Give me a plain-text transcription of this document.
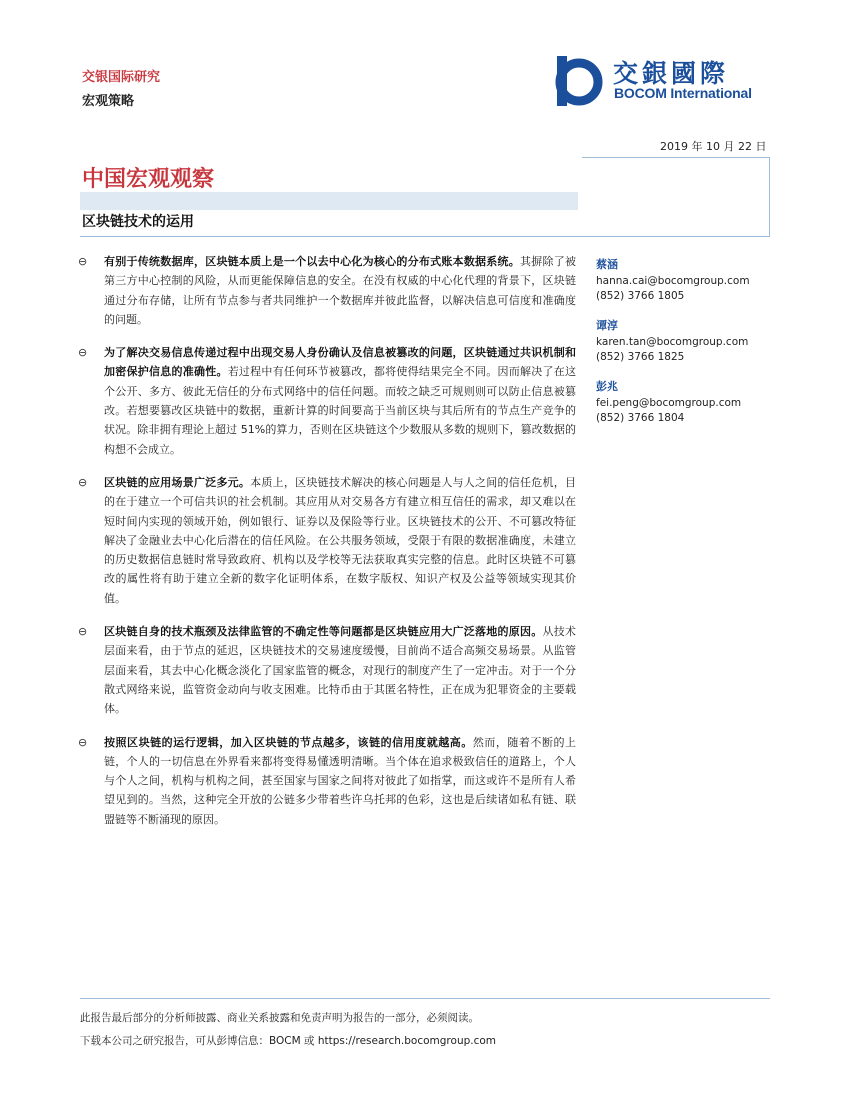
交银国际研究
宏观策略
交銀國際
BOCOM International
2019 年 10 月 22 日
中国宏观观察
区块链技术的运用
⊖ 有别于传统数据库，区块链本质上是一个以去中心化为核心的分布式账本数据系统。其摒除了被第三方中心控制的风险，从而更能保障信息的安全。在没有权威的中心化代理的背景下，区块链通过分布存储，让所有节点参与者共同维护一个数据库并彼此监督，以解决信息可信度和准确度的问题。
⊖ 为了解决交易信息传递过程中出现交易人身份确认及信息被篡改的问题，区块链通过共识机制和加密保护信息的准确性。若过程中有任何环节被篡改，都将使得结果完全不同。因而解决了在这个公开、多方、彼此无信任的分布式网络中的信任问题。而较之缺乏可规则则可以防止信息被篡改。若想要篡改区块链中的数据，重新计算的时间要高于当前区块与其后所有的节点生产竞争的状况。除非拥有理论上超过 51%的算力，否则在区块链这个少数服从多数的规则下，篡改数据的构想不会成立。
⊖ 区块链的应用场景广泛多元。本质上，区块链技术解决的核心问题是人与人之间的信任危机，目的在于建立一个可信共识的社会机制。其应用从对交易各方有建立相互信任的需求，却又难以在短时间内实现的领域开始，例如银行、证券以及保险等行业。区块链技术的公开、不可篡改特征解决了金融业去中心化后潜在的信任风险。在公共服务领域，受限于有限的数据准确度，未建立的历史数据信息链时常导致政府、机构以及学校等无法获取真实完整的信息。此时区块链不可篡改的属性将有助于建立全新的数字化证明体系，在数字版权、知识产权及公益等领域实现其价值。
⊖ 区块链自身的技术瓶颈及法律监管的不确定性等问题都是区块链应用大广泛落地的原因。从技术层面来看，由于节点的延迟，区块链技术的交易速度缓慢，目前尚不适合高频交易场景。从监管层面来看，其去中心化概念淡化了国家监管的概念，对现行的制度产生了一定冲击。对于一个分散式网络来说，监管资金动向与收支困难。比特币由于其匿名特性，正在成为犯罪资金的主要载体。
⊖ 按照区块链的运行逻辑，加入区块链的节点越多，该链的信用度就越高。然而，随着不断的上链，个人的一切信息在外界看来都将变得易懂透明清晰。当个体在追求极致信任的道路上，个人与个人之间，机构与机构之间，甚至国家与国家之间将对彼此了如指掌，而这或许不是所有人希望见到的。当然，这种完全开放的公链多少带着些许乌托邦的色彩，这也是后续诸如私有链、联盟链等不断涌现的原因。
蔡涵
hanna.cai@bocomgroup.com
(852) 3766 1805
谭淳
karen.tan@bocomgroup.com
(852) 3766 1825
彭兆
fei.peng@bocomgroup.com
(852) 3766 1804
此报告最后部分的分析师披露、商业关系披露和免责声明为报告的一部分，必须阅读。
下载本公司之研究报告，可从彭博信息：BOCM 或 https://research.bocomgroup.com
